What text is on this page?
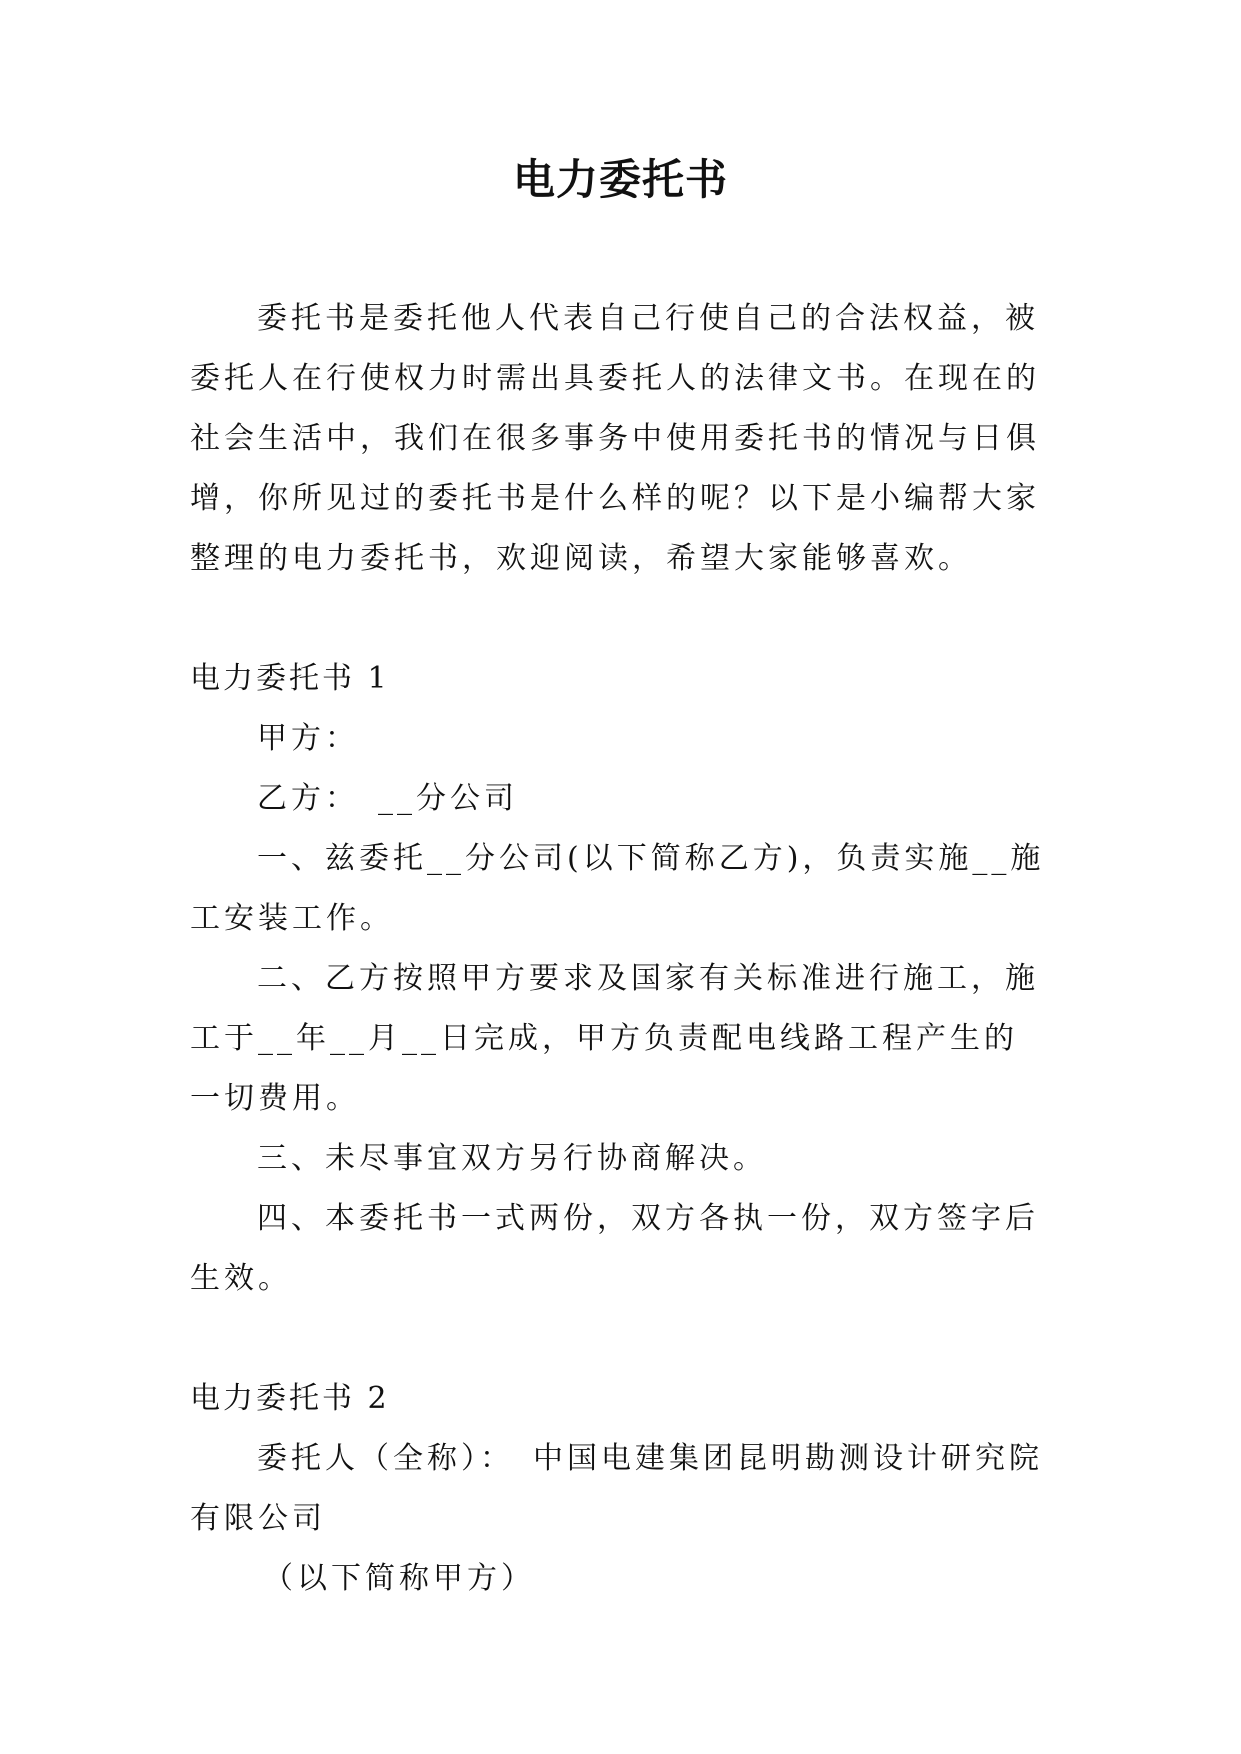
电力委托书

委托书是委托他人代表自己行使自己的合法权益，被委托人在行使权力时需出具委托人的法律文书。在现在的社会生活中，我们在很多事务中使用委托书的情况与日俱增，你所见过的委托书是什么样的呢？以下是小编帮大家整理的电力委托书，欢迎阅读，希望大家能够喜欢。

电力委托书 1

甲方：

乙方：　__分公司

一、兹委托__分公司(以下简称乙方)，负责实施__施工安装工作。

二、乙方按照甲方要求及国家有关标准进行施工，施工于__年__月__日完成，甲方负责配电线路工程产生的一切费用。

三、未尽事宜双方另行协商解决。

四、本委托书一式两份，双方各执一份，双方签字后生效。

电力委托书 2

委托人（全称）：　中国电建集团昆明勘测设计研究院有限公司

（以下简称甲方）
